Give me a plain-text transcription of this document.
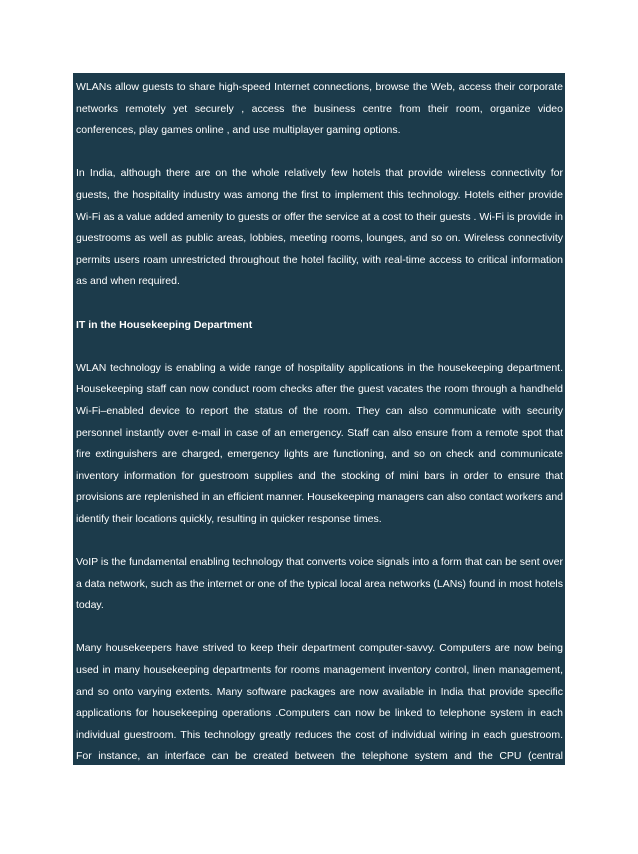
WLANs allow guests to share high-speed Internet connections, browse the Web, access their corporate networks remotely yet securely , access the business centre from their room, organize video conferences, play games online , and use multiplayer gaming options.

In India, although there are on the whole relatively few hotels that provide wireless connectivity for guests, the hospitality industry was among the first to implement this technology. Hotels either provide Wi-Fi as a value added amenity to guests or offer the service at a cost to their guests . Wi-Fi is provide in guestrooms as well as public areas, lobbies, meeting rooms, lounges, and so on. Wireless connectivity permits users roam unrestricted throughout the hotel facility, with real-time access to critical information as and when required.

IT in the Housekeeping Department

WLAN technology is enabling a wide range of hospitality applications in the housekeeping department. Housekeeping staff can now conduct room checks after the guest vacates the room through a handheld Wi-Fi–enabled device to report the status of the room. They can also communicate with security personnel instantly over e-mail in case of an emergency. Staff can also ensure from a remote spot that fire extinguishers are charged, emergency lights are functioning, and so on check and communicate inventory information for guestroom supplies and the stocking of mini bars in order to ensure that provisions are replenished in an efficient manner. Housekeeping managers can also contact workers and identify their locations quickly, resulting in quicker response times.

VoIP is the fundamental enabling technology that converts voice signals into a form that can be sent over a data network, such as the internet or one of the typical local area networks (LANs) found in most hotels today.

Many housekeepers have strived to keep their department computer-savvy. Computers are now being used in many housekeeping departments for rooms management inventory control, linen management, and so onto varying extents. Many software packages are now available in India that provide specific applications for housekeeping operations .Computers can now be linked to telephone system in each individual guestroom. This technology greatly reduces the cost of individual wiring in each guestroom. For instance, an interface can be created between the telephone system and the CPU (central processing unit) of the hotel's computer network by the GRA dialing a specific sequence of numbers on the phone from a specific guestroom. Once connected, the computer immediately recognizes the room number to which it is being connected. After the connection is established, a specific list of dial-up codes become
